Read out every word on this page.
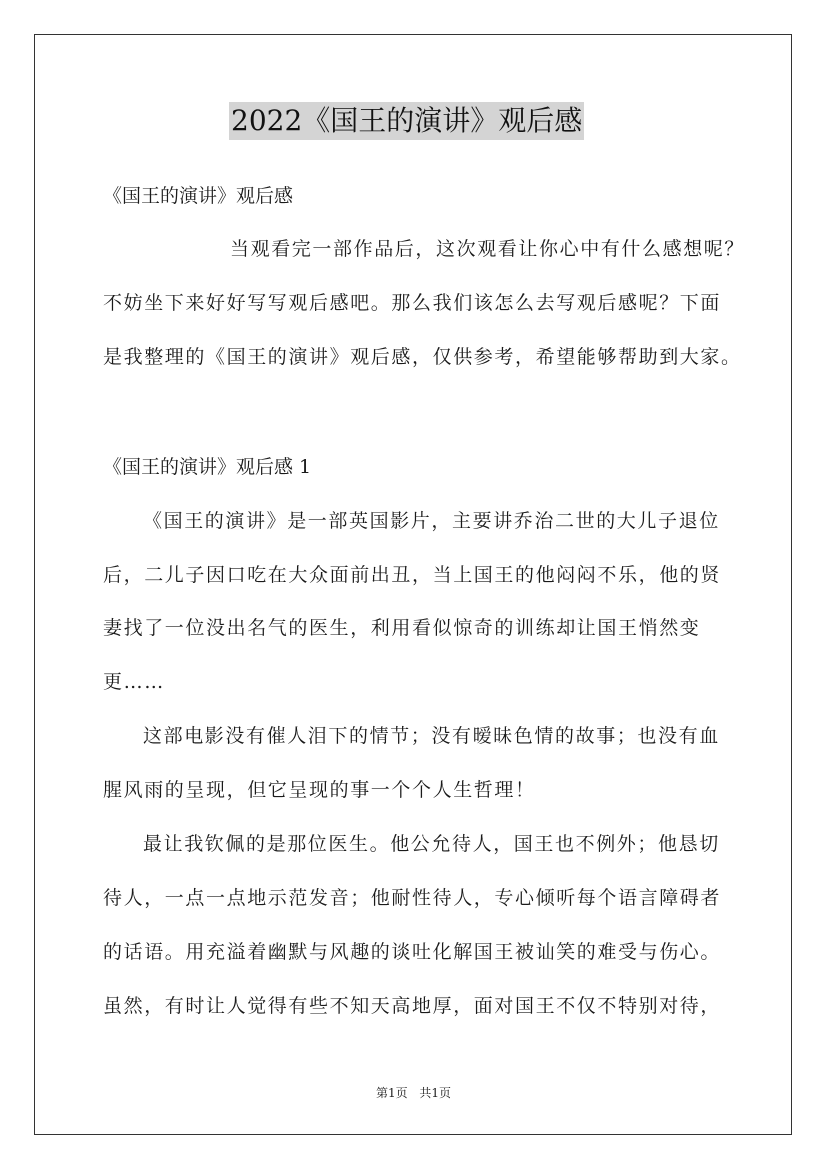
2022《国王的演讲》观后感
《国王的演讲》观后感
当观看完一部作品后，这次观看让你心中有什么感想呢？
不妨坐下来好好写写观后感吧。那么我们该怎么去写观后感呢？下面
是我整理的《国王的演讲》观后感，仅供参考，希望能够帮助到大家。
《国王的演讲》观后感 1
《国王的演讲》是一部英国影片，主要讲乔治二世的大儿子退位
后，二儿子因口吃在大众面前出丑，当上国王的他闷闷不乐，他的贤
妻找了一位没出名气的医生，利用看似惊奇的训练却让国王悄然变
更……
这部电影没有催人泪下的情节；没有暧昧色情的故事；也没有血
腥风雨的呈现，但它呈现的事一个个人生哲理！
最让我钦佩的是那位医生。他公允待人，国王也不例外；他恳切
待人，一点一点地示范发音；他耐性待人，专心倾听每个语言障碍者
的话语。用充溢着幽默与风趣的谈吐化解国王被讪笑的难受与伤心。
虽然，有时让人觉得有些不知天高地厚，面对国王不仅不特别对待，
第1页 共1页
